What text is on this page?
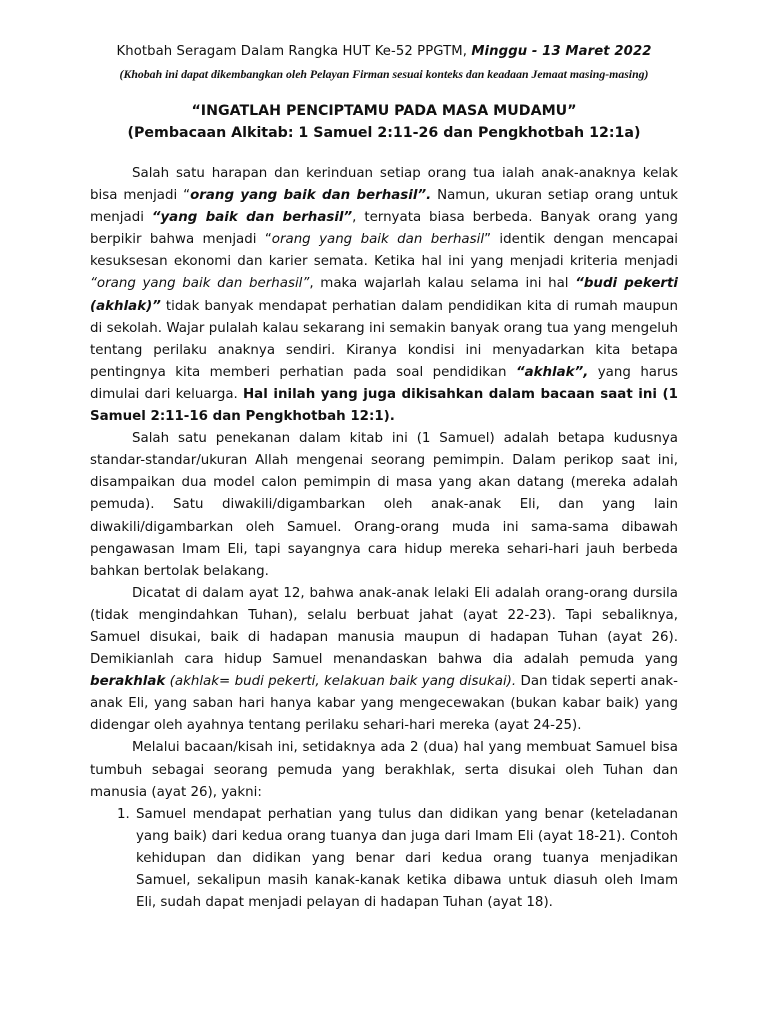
Khotbah Seragam Dalam Rangka HUT Ke-52 PPGTM, Minggu - 13 Maret 2022
(Khobah ini dapat dikembangkan oleh Pelayan Firman sesuai konteks dan keadaan Jemaat masing-masing)
“INGATLAH PENCIPTAMU PADA MASA MUDAMU”
(Pembacaan Alkitab: 1 Samuel 2:11-26 dan Pengkhotbah 12:1a)

Salah satu harapan dan kerinduan setiap orang tua ialah anak-anaknya kelak bisa menjadi “orang yang baik dan berhasil”. Namun, ukuran setiap orang untuk menjadi “yang baik dan berhasil”, ternyata biasa berbeda. Banyak orang yang berpikir bahwa menjadi “orang yang baik dan berhasil” identik dengan mencapai kesuksesan ekonomi dan karier semata. Ketika hal ini yang menjadi kriteria menjadi “orang yang baik dan berhasil”, maka wajarlah kalau selama ini hal “budi pekerti (akhlak)” tidak banyak mendapat perhatian dalam pendidikan kita di rumah maupun di sekolah. Wajar pulalah kalau sekarang ini semakin banyak orang tua yang mengeluh tentang perilaku anaknya sendiri. Kiranya kondisi ini menyadarkan kita betapa pentingnya kita memberi perhatian pada soal pendidikan “akhlak”, yang harus dimulai dari keluarga. Hal inilah yang juga dikisahkan dalam bacaan saat ini (1 Samuel 2:11-16 dan Pengkhotbah 12:1).

Salah satu penekanan dalam kitab ini (1 Samuel) adalah betapa kudusnya standar-standar/ukuran Allah mengenai seorang pemimpin. Dalam perikop saat ini, disampaikan dua model calon pemimpin di masa yang akan datang (mereka adalah pemuda). Satu diwakili/digambarkan oleh anak-anak Eli, dan yang lain diwakili/digambarkan oleh Samuel. Orang-orang muda ini sama-sama dibawah pengawasan Imam Eli, tapi sayangnya cara hidup mereka sehari-hari jauh berbeda bahkan bertolak belakang.

Dicatat di dalam ayat 12, bahwa anak-anak lelaki Eli adalah orang-orang dursila (tidak mengindahkan Tuhan), selalu berbuat jahat (ayat 22-23). Tapi sebaliknya, Samuel disukai, baik di hadapan manusia maupun di hadapan Tuhan (ayat 26). Demikianlah cara hidup Samuel menandaskan bahwa dia adalah pemuda yang berakhlak (akhlak= budi pekerti, kelakuan baik yang disukai). Dan tidak seperti anak-anak Eli, yang saban hari hanya kabar yang mengecewakan (bukan kabar baik) yang didengar oleh ayahnya tentang perilaku sehari-hari mereka (ayat 24-25).

Melalui bacaan/kisah ini, setidaknya ada 2 (dua) hal yang membuat Samuel bisa tumbuh sebagai seorang pemuda yang berakhlak, serta disukai oleh Tuhan dan manusia (ayat 26), yakni:

1. Samuel mendapat perhatian yang tulus dan didikan yang benar (keteladanan yang baik) dari kedua orang tuanya dan juga dari Imam Eli (ayat 18-21). Contoh kehidupan dan didikan yang benar dari kedua orang tuanya menjadikan Samuel, sekalipun masih kanak-kanak ketika dibawa untuk diasuh oleh Imam Eli, sudah dapat menjadi pelayan di hadapan Tuhan (ayat 18).
